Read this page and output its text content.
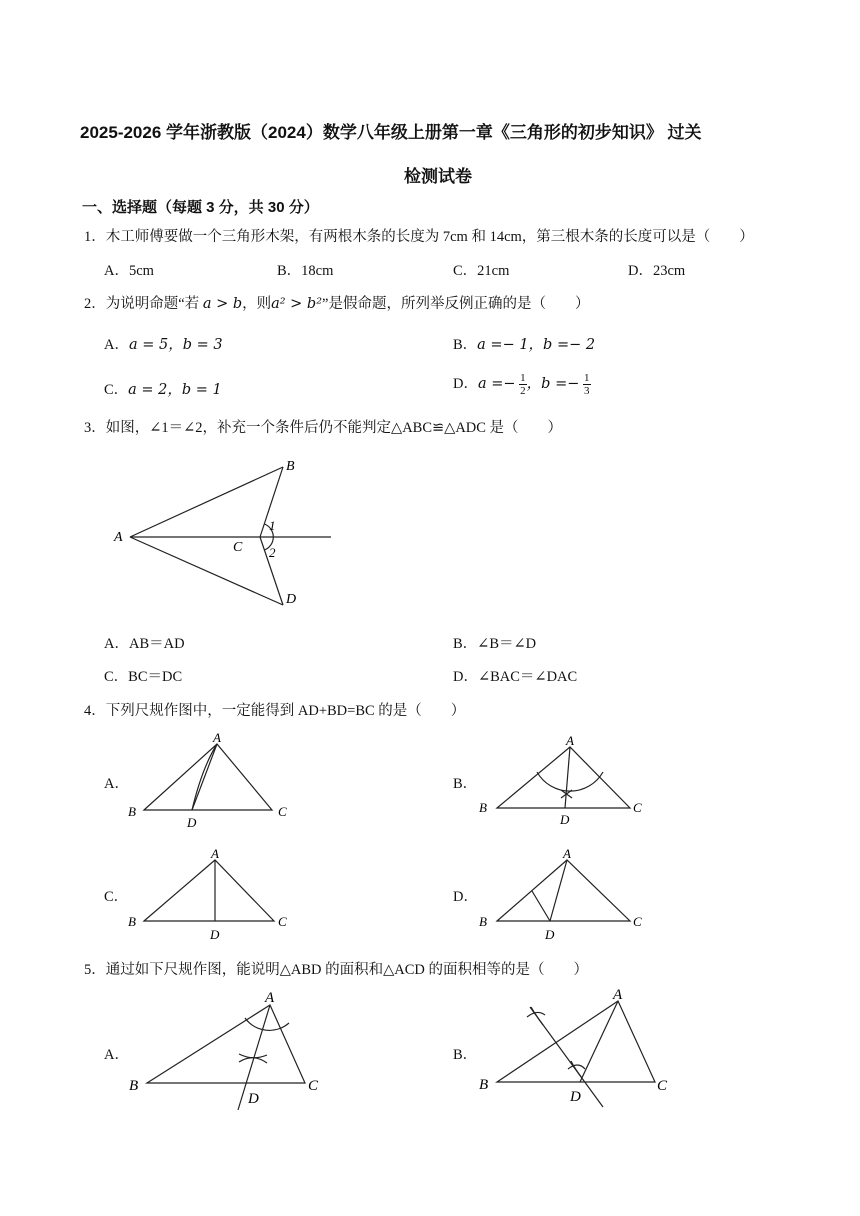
2025-2026 学年浙教版（2024）数学八年级上册第一章《三角形的初步知识》 过关
检测试卷
一、选择题（每题 3 分，共 30 分）
1．木工师傅要做一个三角形木架，有两根木条的长度为 7cm 和 14cm，第三根木条的长度可以是（　　）
A．5cm	B．18cm	C．21cm	D．23cm
2．为说明命题“若 a > b，则a² > b²”是假命题，所列举反例正确的是（　　）
A．a = 5，b = 3	B．a =− 1，b =− 2
C．a = 2，b = 1	D．$a =- \frac{1}{2}$ ，$b =- \frac{1}{3}$
3．如图，∠1＝∠2，补充一个条件后仍不能判定△ABC≌△ADC 是（　　）
A
B
C
D
1
2
A．AB＝AD	B．∠B＝∠D
C．BC＝DC	D．∠BAC＝∠DAC
4．下列尺规作图中，一定能得到 AD+BD=BC 的是（　　）
A．
A
B	C
D
B．
A
B	C
D
C．
A
B	C
D
D．
A
B	C
D
5．通过如下尺规作图，能说明△ABD 的面积和△ACD 的面积相等的是（　　）
A．
A
B	C
D
B．
A
B	C
D
